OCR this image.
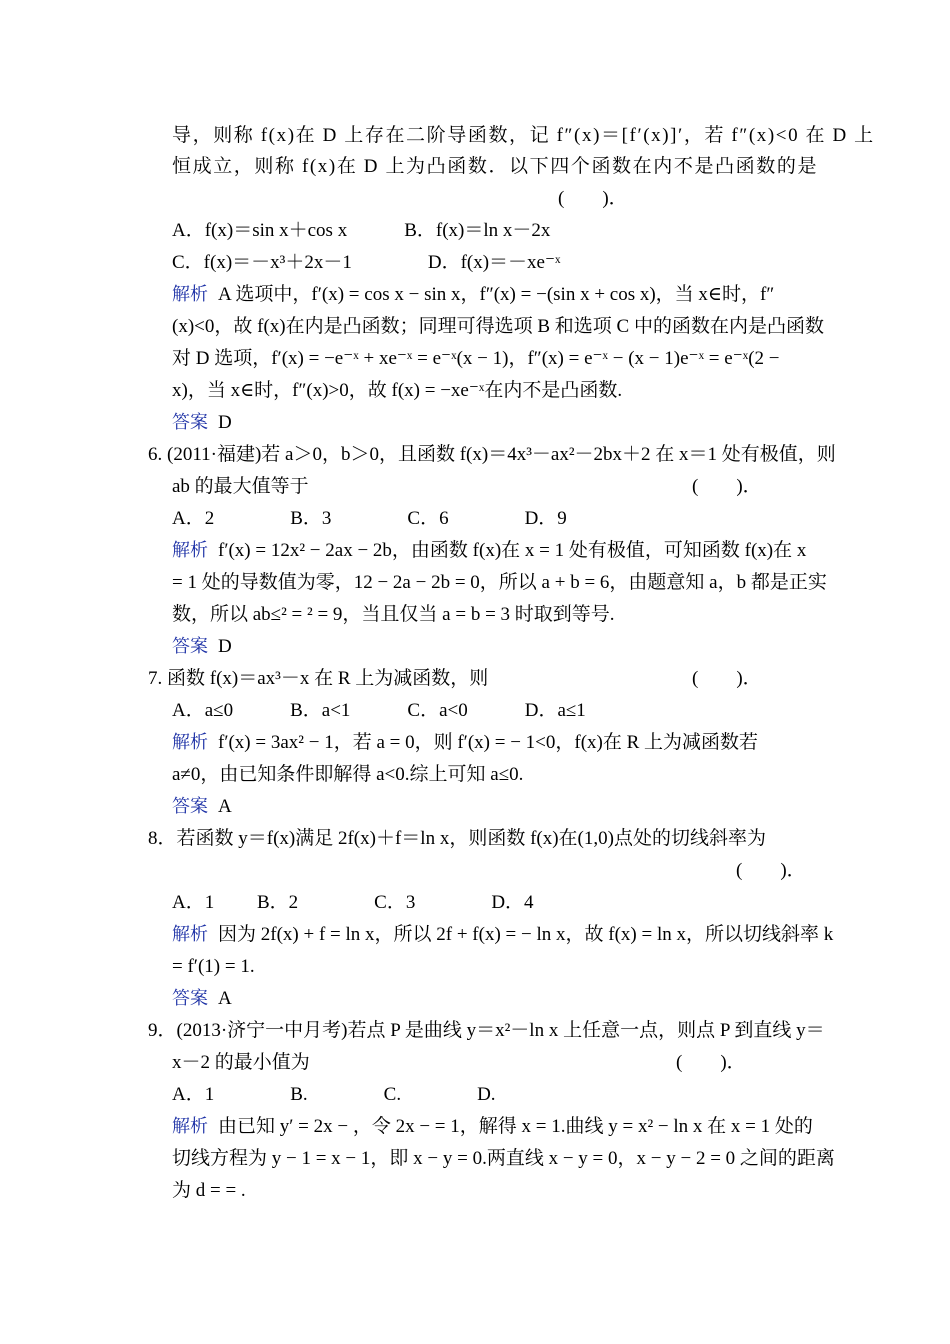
导，则称 f(x)在 D 上存在二阶导函数，记 f″(x)＝[f′(x)]′，若 f″(x)<0 在 D 上
恒成立，则称 f(x)在 D 上为凸函数．以下四个函数在内不是凸函数的是
(　　)．
A．f(x)＝sin x＋cos x　　　B．f(x)＝ln x－2x
C．f(x)＝－x³＋2x－1　　　　D．f(x)＝－xe⁻ˣ
解析 A 选项中，f′(x) = cos x − sin x，f″(x) = −(sin x + cos x)，当 x∈时，f″
(x)<0，故 f(x)在内是凸函数；同理可得选项 B 和选项 C 中的函数在内是凸函数
对 D 选项，f′(x) = −e⁻ˣ + xe⁻ˣ = e⁻ˣ(x − 1)，f″(x) = e⁻ˣ − (x − 1)e⁻ˣ = e⁻ˣ(2 −
x)，当 x∈时，f″(x)>0，故 f(x) = −xe⁻ˣ在内不是凸函数.
答案 D
6. (2011·福建)若 a＞0，b＞0，且函数 f(x)＝4x³－ax²－2bx＋2 在 x＝1 处有极值，则
ab 的最大值等于	(　　)．
A．2　　　　B．3　　　　C．6　　　　D．9
解析 f′(x) = 12x² − 2ax − 2b，由函数 f(x)在 x = 1 处有极值，可知函数 f(x)在 x
= 1 处的导数值为零，12 − 2a − 2b = 0，所以 a + b = 6，由题意知 a，b 都是正实
数，所以 ab≤² = ² = 9，当且仅当 a = b = 3 时取到等号.
答案 D
7. 函数 f(x)＝ax³－x 在 R 上为减函数，则	(　　)．
A．a≤0　　　B．a<1　　　C．a<0　　　D．a≤1
解析 f′(x) = 3ax² − 1，若 a = 0，则 f′(x) = − 1<0，f(x)在 R 上为减函数若
a≠0，由已知条件即解得 a<0.综上可知 a≤0.
答案 A
8．若函数 y＝f(x)满足 2f(x)＋f＝ln x，则函数 f(x)在(1,0)点处的切线斜率为
(　　)．
A．1　　 B．2　　　　C．3　　　　D．4
解析 因为 2f(x) + f = ln x，所以 2f + f(x) = − ln x，故 f(x) = ln x，所以切线斜率 k
= f′(1) = 1.
答案 A
9．(2013·济宁一中月考)若点 P 是曲线 y＝x²－ln x 上任意一点，则点 P 到直线 y＝
x－2 的最小值为	(　　)．
A．1　　　　B.　　　　C.　　　　D.
解析 由已知 y′ = 2x − ，令 2x − = 1，解得 x = 1.曲线 y = x² − ln x 在 x = 1 处的
切线方程为 y − 1 = x − 1，即 x − y = 0.两直线 x − y = 0，x − y − 2 = 0 之间的距离
为 d = = .
